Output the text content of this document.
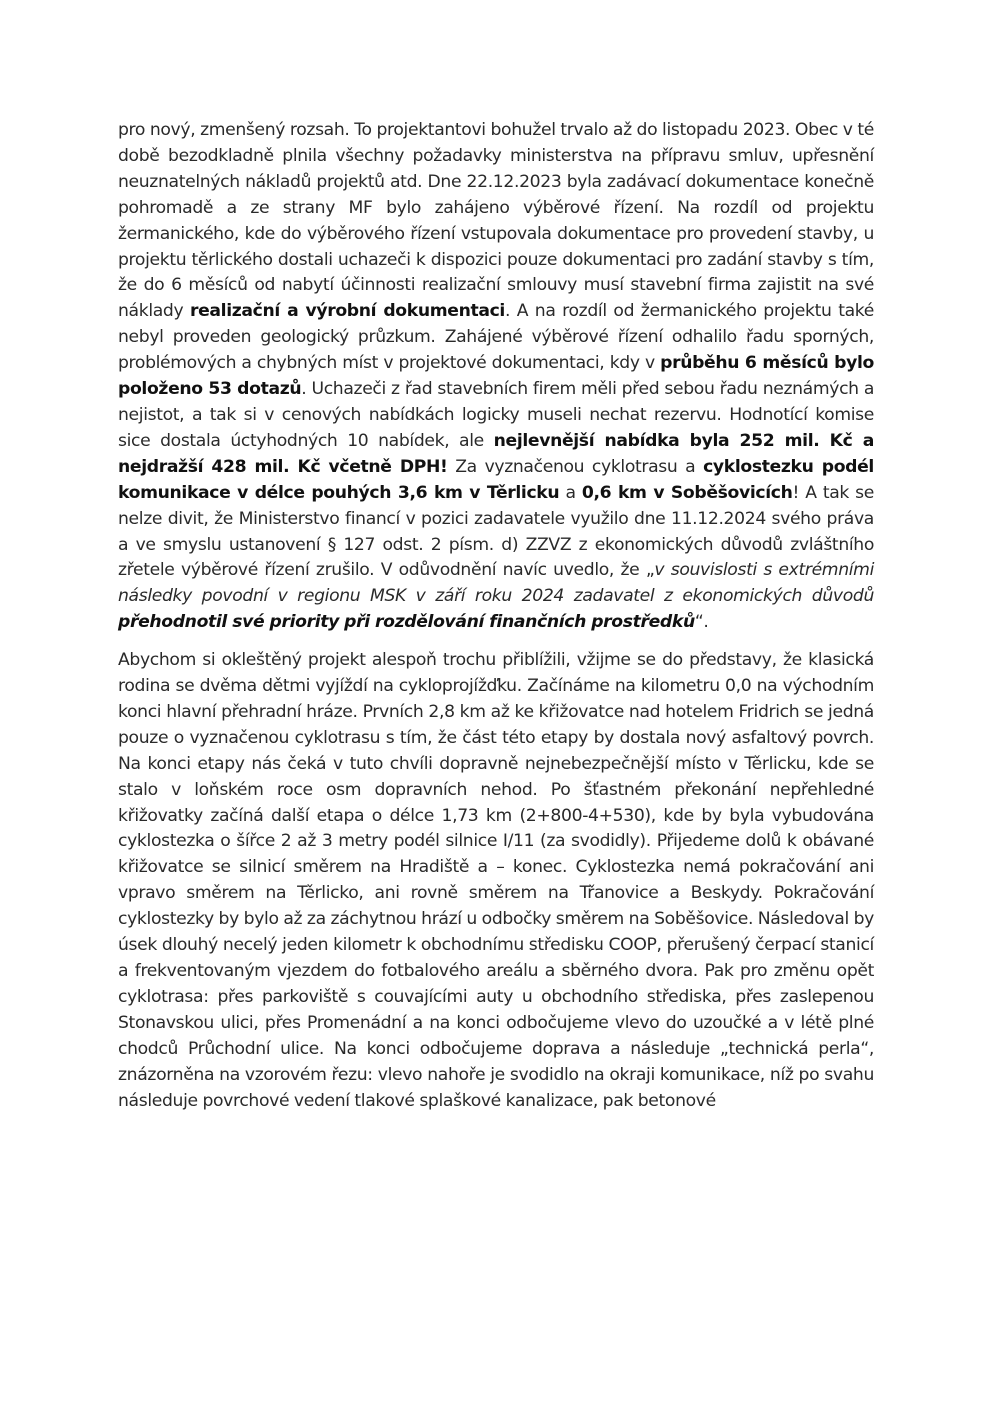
pro nový, zmenšený rozsah. To projektantovi bohužel trvalo až do listopadu 2023. Obec v té době bezodkladně plnila všechny požadavky ministerstva na přípravu smluv, upřesnění neuznatelných nákladů projektů atd. Dne 22.12.2023 byla zadávací dokumentace konečně pohromadě a ze strany MF bylo zahájeno výběrové řízení. Na rozdíl od projektu žermanického, kde do výběrového řízení vstupovala dokumentace pro provedení stavby, u projektu těrlického dostali uchazeči k dispozici pouze dokumentaci pro zadání stavby s tím, že do 6 měsíců od nabytí účinnosti realizační smlouvy musí stavební firma zajistit na své náklady realizační a výrobní dokumentaci. A na rozdíl od žermanického projektu také nebyl proveden geologický průzkum. Zahájené výběrové řízení odhalilo řadu sporných, problémových a chybných míst v projektové dokumentaci, kdy v průběhu 6 měsíců bylo položeno 53 dotazů. Uchazeči z řad stavebních firem měli před sebou řadu neznámých a nejistot, a tak si v cenových nabídkách logicky museli nechat rezervu. Hodnotící komise sice dostala úctyhodných 10 nabídek, ale nejlevnější nabídka byla 252 mil. Kč a nejdražší 428 mil. Kč včetně DPH! Za vyznačenou cyklotrasu a cyklostezku podél komunikace v délce pouhých 3,6 km v Těrlicku a 0,6 km v Soběšovicích! A tak se nelze divit, že Ministerstvo financí v pozici zadavatele využilo dne 11.12.2024 svého práva a ve smyslu ustanovení § 127 odst. 2 písm. d) ZZVZ z ekonomických důvodů zvláštního zřetele výběrové řízení zrušilo. V odůvodnění navíc uvedlo, že „v souvislosti s extrémními následky povodní v regionu MSK v září roku 2024 zadavatel z ekonomických důvodů přehodnotil své priority při rozdělování finančních prostředků“.

Abychom si okleštěný projekt alespoň trochu přiblížili, vžijme se do představy, že klasická rodina se dvěma dětmi vyjíždí na cykloprojížďku. Začínáme na kilometru 0,0 na východním konci hlavní přehradní hráze. Prvních 2,8 km až ke křižovatce nad hotelem Fridrich se jedná pouze o vyznačenou cyklotrasu s tím, že část této etapy by dostala nový asfaltový povrch. Na konci etapy nás čeká v tuto chvíli dopravně nejnebezpečnější místo v Těrlicku, kde se stalo v loňském roce osm dopravních nehod. Po šťastném překonání nepřehledné křižovatky začíná další etapa o délce 1,73 km (2+800-4+530), kde by byla vybudována cyklostezka o šířce 2 až 3 metry podél silnice I/11 (za svodidly). Přijedeme dolů k obávané křižovatce se silnicí směrem na Hradiště a – konec. Cyklostezka nemá pokračování ani vpravo směrem na Těrlicko, ani rovně směrem na Třanovice a Beskydy. Pokračování cyklostezky by bylo až za záchytnou hrází u odbočky směrem na Soběšovice. Následoval by úsek dlouhý necelý jeden kilometr k obchodnímu středisku COOP, přerušený čerpací stanicí a frekventovaným vjezdem do fotbalového areálu a sběrného dvora. Pak pro změnu opět cyklotrasa: přes parkoviště s couvajícími auty u obchodního střediska, přes zaslepenou Stonavskou ulici, přes Promenádní a na konci odbočujeme vlevo do uzoučké a v létě plné chodců Průchodní ulice. Na konci odbočujeme doprava a následuje „technická perla“, znázorněna na vzorovém řezu: vlevo nahoře je svodidlo na okraji komunikace, níž po svahu následuje povrchové vedení tlakové splaškové kanalizace, pak betonové
